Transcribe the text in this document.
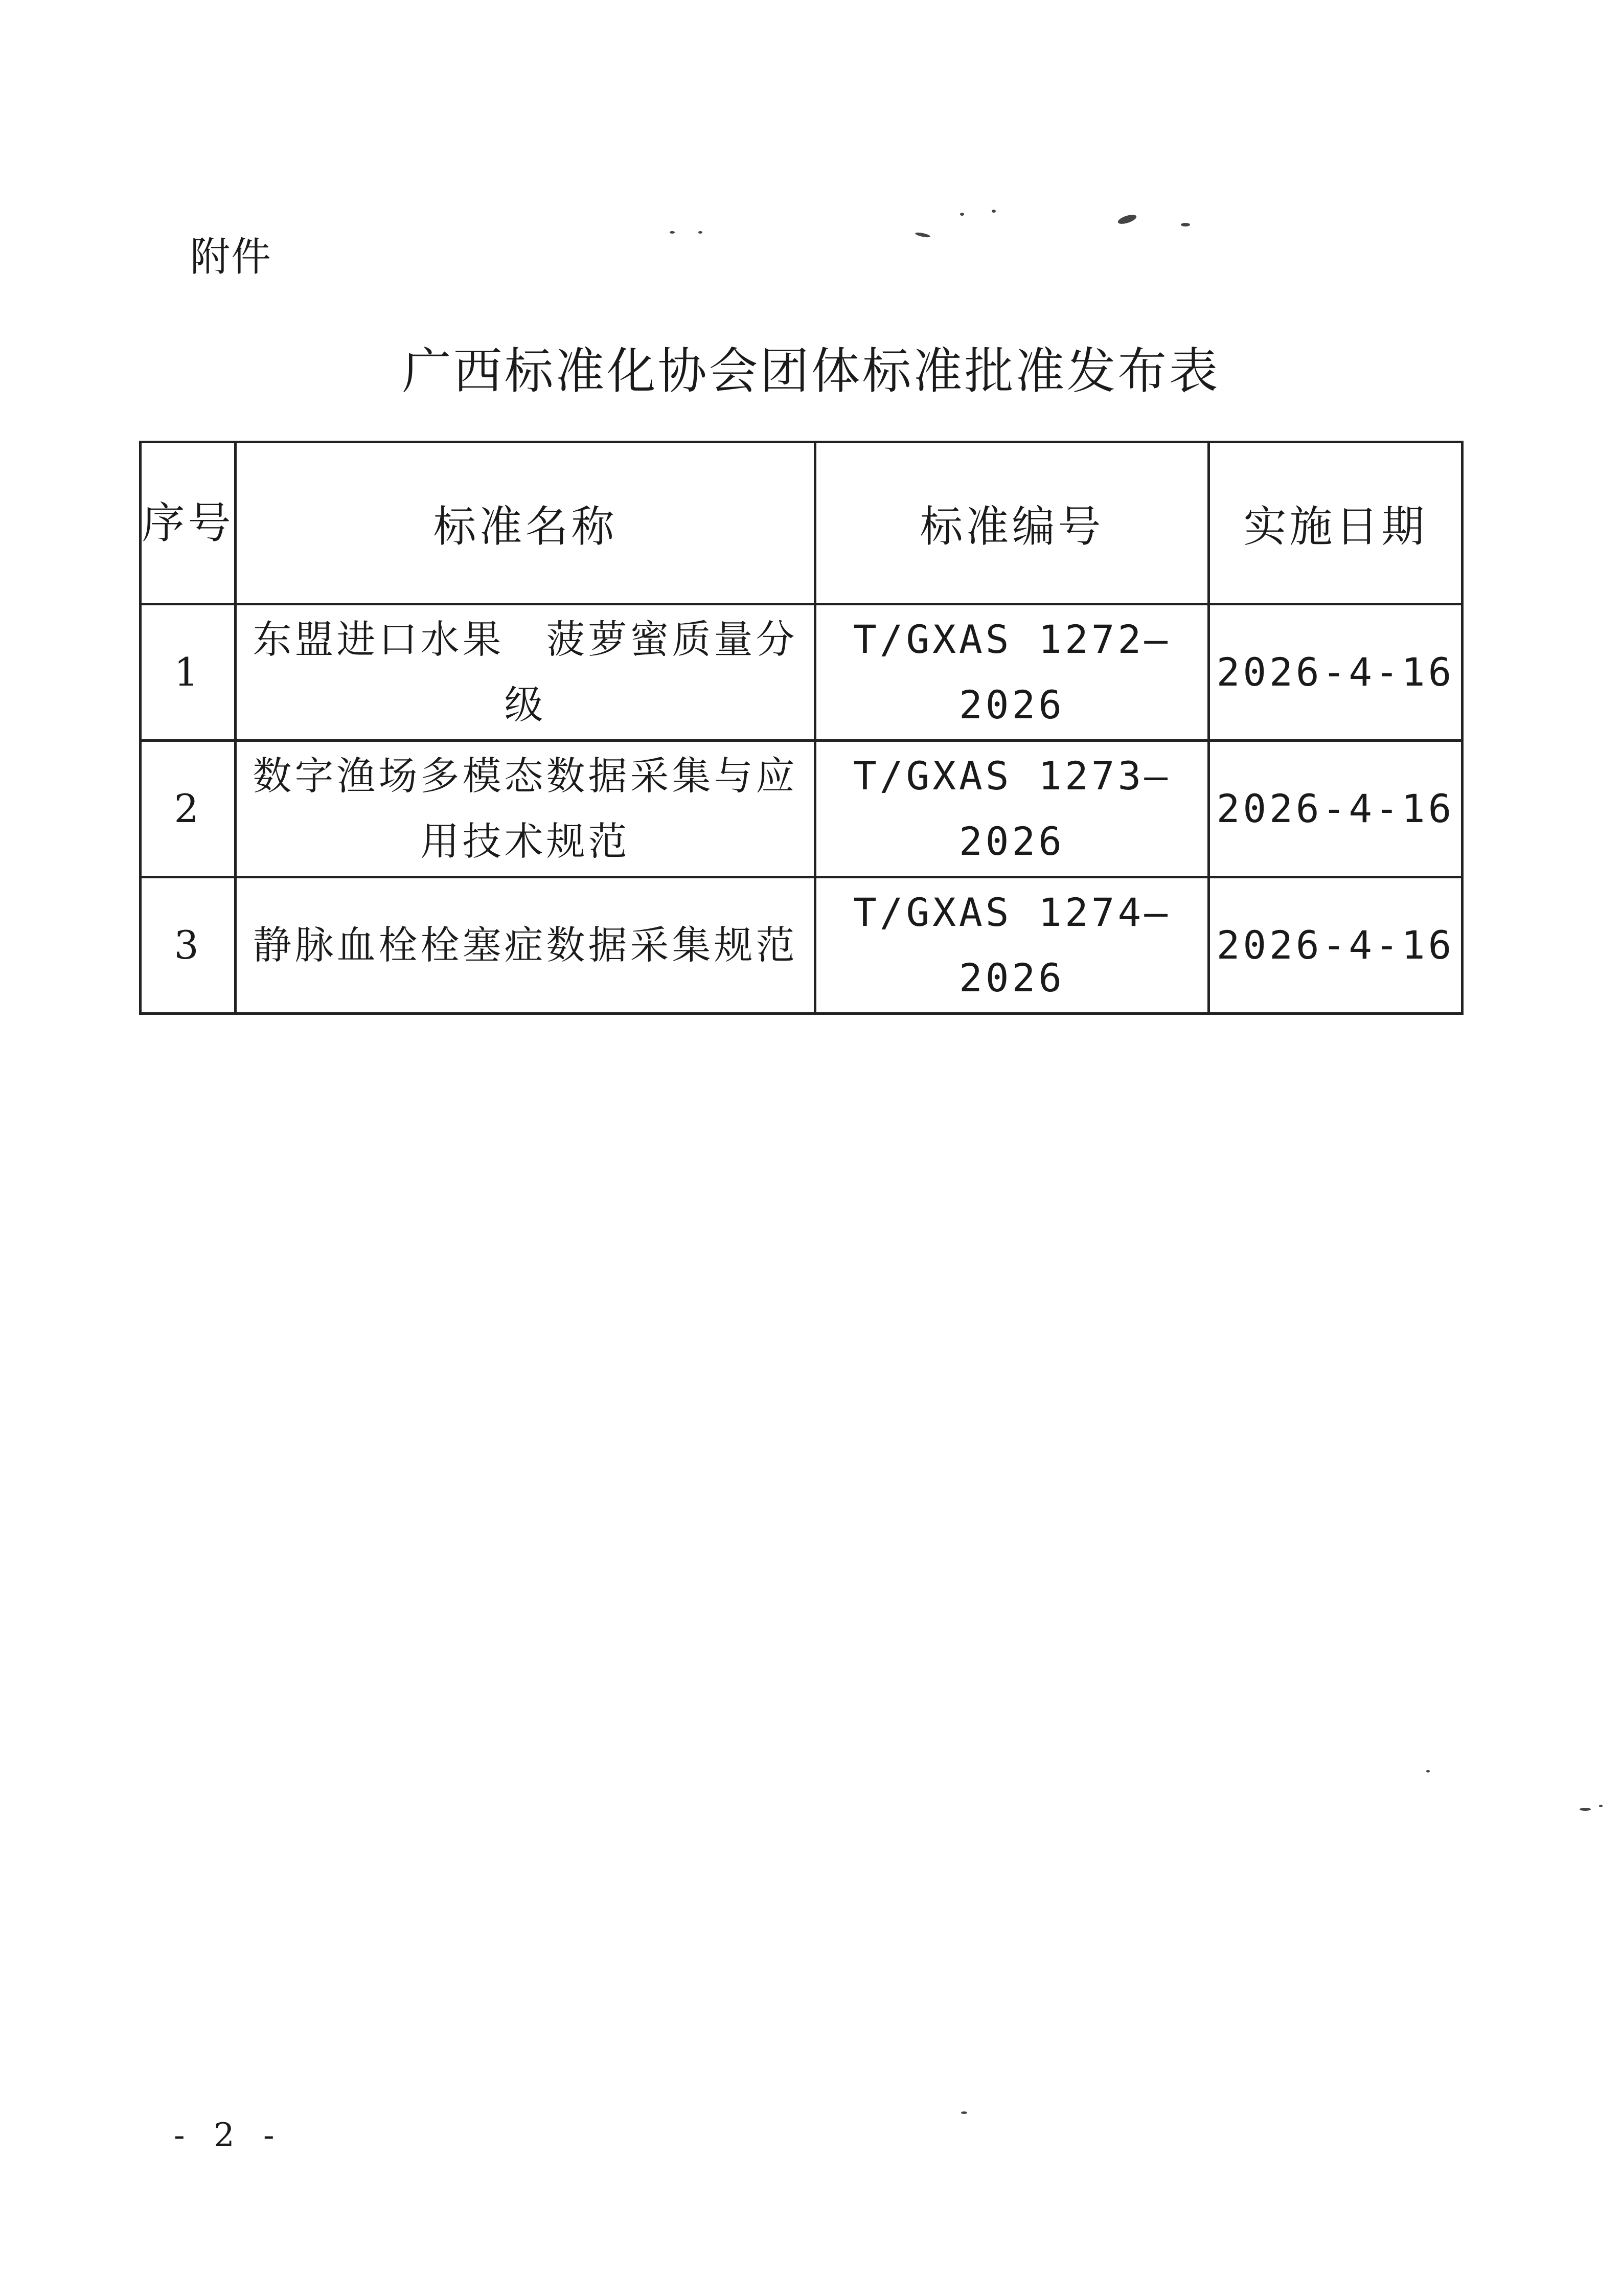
附件
广西标准化协会团体标准批准发布表
序号	标准名称	标准编号	实施日期
1	东盟进口水果　菠萝蜜质量分级	T/GXAS 1272—2026	2026-4-16
2	数字渔场多模态数据采集与应用技术规范	T/GXAS 1273—2026	2026-4-16
3	静脉血栓栓塞症数据采集规范	T/GXAS 1274—2026	2026-4-16
- 2 -
